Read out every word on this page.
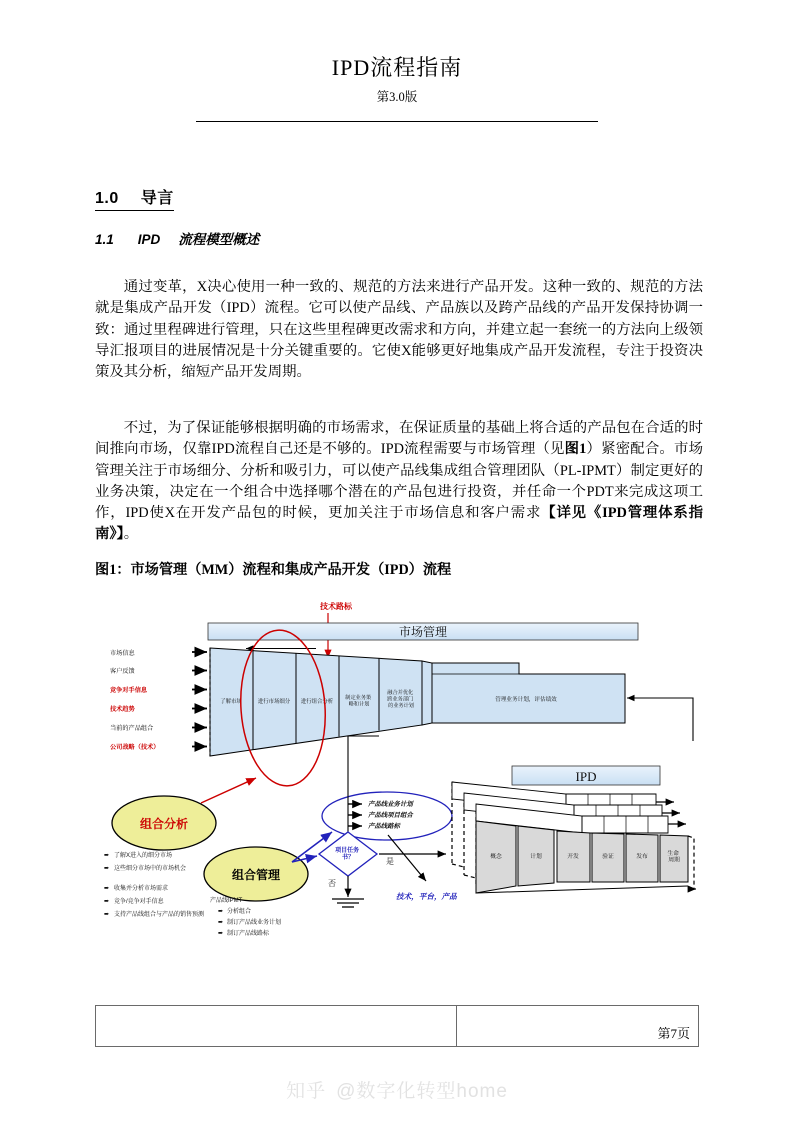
IPD流程指南
第3.0版
1.0 导言
1.1 IPD 流程模型概述
通过变革，X决心使用一种一致的、规范的方法来进行产品开发。这种一致的、规范的方法就是集成产品开发（IPD）流程。它可以使产品线、产品族以及跨产品线的产品开发保持协调一致：通过里程碑进行管理，只在这些里程碑更改需求和方向，并建立起一套统一的方法向上级领导汇报项目的进展情况是十分关键重要的。它使X能够更好地集成产品开发流程，专注于投资决策及其分析，缩短产品开发周期。
不过，为了保证能够根据明确的市场需求，在保证质量的基础上将合适的产品包在合适的时间推向市场，仅靠IPD流程自己还是不够的。IPD流程需要与市场管理（见图1）紧密配合。市场管理关注于市场细分、分析和吸引力，可以使产品线集成组合管理团队（PL-IPMT）制定更好的业务决策，决定在一个组合中选择哪个潜在的产品包进行投资，并任命一个PDT来完成这项工作，IPD使X在开发产品包的时候，更加关注于市场信息和客户需求【详见《IPD管理体系指南》】。
图1：市场管理（MM）流程和集成产品开发（IPD）流程
技术路标
市场管理
了解市场	进行市场细分 进行组合分析
制定业务策 略和计划
融合并优化 跨业务部门 的业务计划
管理业务计划，评估绩效
市场信息
客户反馈
竞争对手信息
技术趋势
当前的产品组合
公司战略（技术）
组合分析
组合管理
➨ 了解X进入的细分市场
➨ 这些细分市场中的市场机会
➨ 收集并分析市场需求
➨ 竞争/竞争对手信息
➨ 支持产品线组合与产品的销售预测
产品线IPMT
➨ 分析组合
➨ 制订产品线业务计划
➨ 制订产品线路标
产品线业务计划
产品线项目组合
产品线路标
项目任务 书？	是
否
技术，平台，产品
IPD
概念	计划	开发	验证	发布	生命 周期
第7页
知乎 @数字化转型home
